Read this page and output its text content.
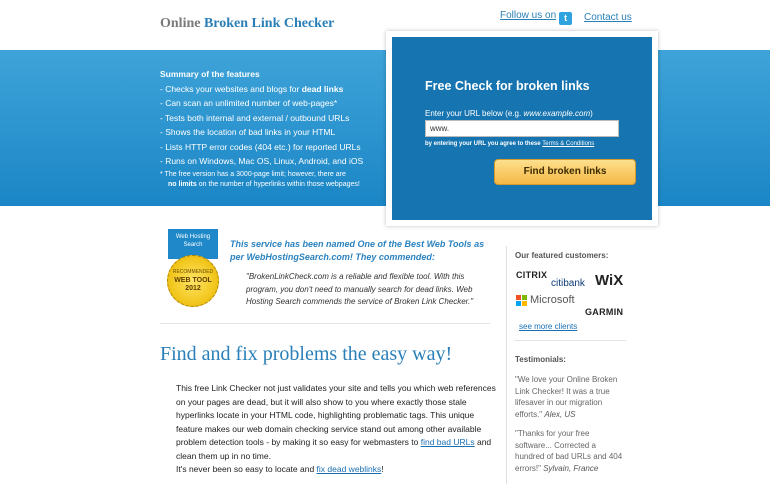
Online Broken Link Checker
Follow us on t	Contact us
Summary of the features
- Checks your websites and blogs for dead links
- Can scan an unlimited number of web-pages*
- Tests both internal and external / outbound URLs
- Shows the location of bad links in your HTML
- Lists HTTP error codes (404 etc.) for reported URLs
- Runs on Windows, Mac OS, Linux, Android, and iOS
* The free version has a 3000-page limit; however, there are
no limits on the number of hyperlinks within those webpages!
Free Check for broken links
Enter your URL below (e.g. www.example.com)
www.
by entering your URL you agree to these Terms & Conditions
Find broken links
Web Hosting Search
RECOMMENDED
WEB TOOL 2012
This service has been named One of the Best Web Tools as per WebHostingSearch.com! They commended:
"BrokenLinkCheck.com is a reliable and flexible tool. With this program, you don't need to manually search for dead links. Web Hosting Search commends the service of Broken Link Checker."
Find and fix problems the easy way!
This free Link Checker not just validates your site and tells you which web references on your pages are dead, but it will also show to you where exactly those stale hyperlinks locate in your HTML code, highlighting problematic tags. This unique feature makes our web domain checking service stand out among other available problem detection tools - by making it so easy for webmasters to find bad URLs and clean them up in no time.
It's never been so easy to locate and fix dead weblinks!
Our featured customers:
CITRIX
citibank WiX
Microsoft
GARMIN
see more clients
Testimonials:
"We love your Online Broken Link Checker! It was a true lifesaver in our migration efforts." Alex, US
"Thanks for your free software... Corrected a hundred of bad URLs and 404 errors!" Sylvain, France
